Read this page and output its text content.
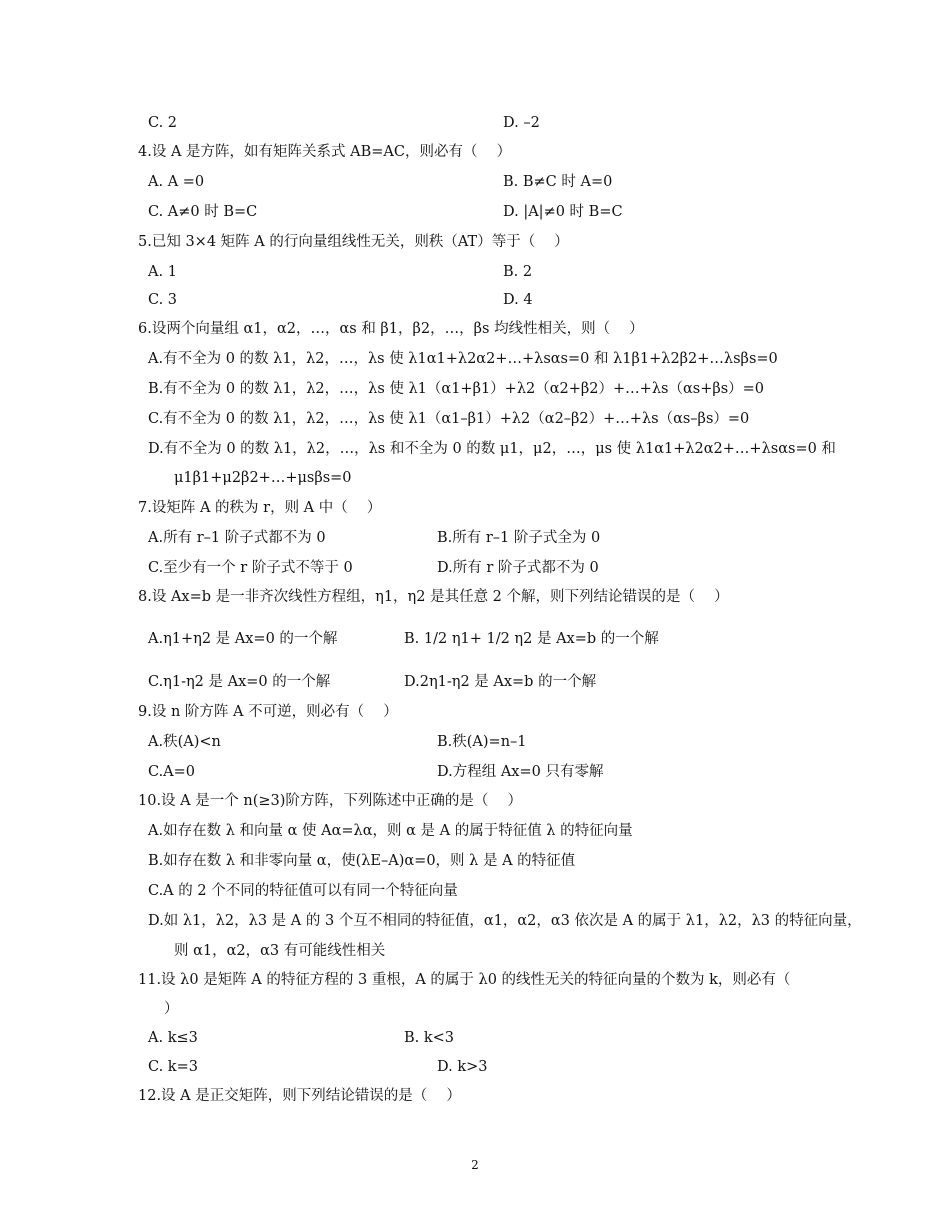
C. 2	D. –2
4.设 A 是方阵，如有矩阵关系式 AB=AC，则必有（　 ）
A. A =0	B. B≠C 时 A=0
C. A≠0 时 B=C	D. |A|≠0 时 B=C
5.已知 3×4 矩阵 A 的行向量组线性无关，则秩（AT）等于（　 ）
A. 1	B. 2
C. 3	D. 4
6.设两个向量组 α1，α2，…，αs 和 β1，β2，…，βs 均线性相关，则（　 ）
A.有不全为 0 的数 λ1，λ2，…，λs 使 λ1α1+λ2α2+…+λsαs=0 和 λ1β1+λ2β2+…λsβs=0
B.有不全为 0 的数 λ1，λ2，…，λs 使 λ1（α1+β1）+λ2（α2+β2）+…+λs（αs+βs）=0
C.有不全为 0 的数 λ1，λ2，…，λs 使 λ1（α1–β1）+λ2（α2–β2）+…+λs（αs–βs）=0
D.有不全为 0 的数 λ1，λ2，…，λs 和不全为 0 的数 μ1，μ2，…，μs 使 λ1α1+λ2α2+…+λsαs=0 和
μ1β1+μ2β2+…+μsβs=0
7.设矩阵 A 的秩为 r，则 A 中（　 ）
A.所有 r–1 阶子式都不为 0	B.所有 r–1 阶子式全为 0
C.至少有一个 r 阶子式不等于 0	D.所有 r 阶子式都不为 0
8.设 Ax=b 是一非齐次线性方程组，η1，η2 是其任意 2 个解，则下列结论错误的是（　 ）
A.η1+η2 是 Ax=0 的一个解	B. 1/2 η1+ 1/2 η2 是 Ax=b 的一个解
C.η1-η2 是 Ax=0 的一个解	D.2η1-η2 是 Ax=b 的一个解
9.设 n 阶方阵 A 不可逆，则必有（　 ）
A.秩(A)<n	B.秩(A)=n–1
C.A=0	D.方程组 Ax=0 只有零解
10.设 A 是一个 n(≥3)阶方阵，下列陈述中正确的是（　 ）
A.如存在数 λ 和向量 α 使 Aα=λα，则 α 是 A 的属于特征值 λ 的特征向量
B.如存在数 λ 和非零向量 α，使(λE–A)α=0，则 λ 是 A 的特征值
C.A 的 2 个不同的特征值可以有同一个特征向量
D.如 λ1，λ2，λ3 是 A 的 3 个互不相同的特征值，α1，α2，α3 依次是 A 的属于 λ1，λ2，λ3 的特征向量，
则 α1，α2，α3 有可能线性相关
11.设 λ0 是矩阵 A 的特征方程的 3 重根，A 的属于 λ0 的线性无关的特征向量的个数为 k，则必有（
）
A. k≤3	B. k<3
C. k=3	D. k>3
12.设 A 是正交矩阵，则下列结论错误的是（　 ）
2
